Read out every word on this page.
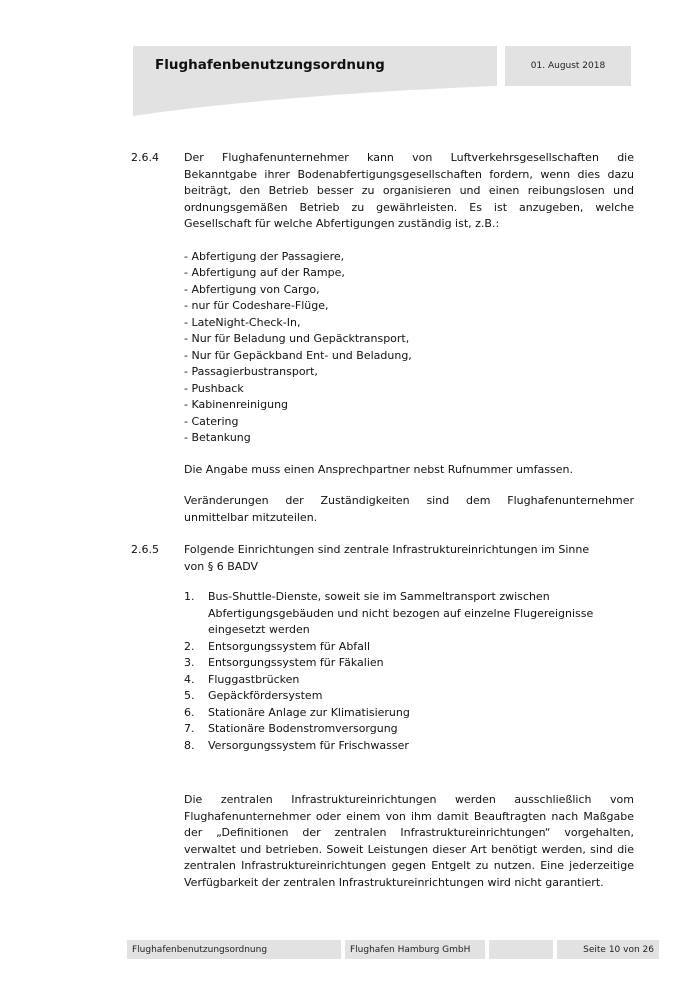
Flughafenbenutzungsordnung	01. August 2018
2.6.4	Der Flughafenunternehmer kann von Luftverkehrsgesellschaften die Bekanntgabe ihrer Bodenabfertigungsgesellschaften fordern, wenn dies dazu beiträgt, den Betrieb besser zu organisieren und einen reibungslosen und ordnungsgemäßen Betrieb zu gewährleisten. Es ist anzugeben, welche Gesellschaft für welche Abfertigungen zuständig ist, z.B.:

- Abfertigung der Passagiere,
- Abfertigung auf der Rampe,
- Abfertigung von Cargo,
- nur für Codeshare-Flüge,
- LateNight-Check-In,
- Nur für Beladung und Gepäcktransport,
- Nur für Gepäckband Ent- und Beladung,
- Passagierbustransport,
- Pushback
- Kabinenreinigung
- Catering
- Betankung

Die Angabe muss einen Ansprechpartner nebst Rufnummer umfassen.

Veränderungen der Zuständigkeiten sind dem Flughafenunternehmer unmittelbar mitzuteilen.

2.6.5	Folgende Einrichtungen sind zentrale Infrastruktureinrichtungen im Sinne

von § 6 BADV

1.	Bus-Shuttle-Dienste, soweit sie im Sammeltransport zwischen Abfertigungsgebäuden und nicht bezogen auf einzelne Flugereignisse eingesetzt werden
2.	Entsorgungssystem für Abfall
3.	Entsorgungssystem für Fäkalien
4.	Fluggastbrücken
5.	Gepäckfördersystem
6.	Stationäre Anlage zur Klimatisierung
7.	Stationäre Bodenstromversorgung
8.	Versorgungssystem für Frischwasser

Die zentralen Infrastruktureinrichtungen werden ausschließlich vom Flughafenunternehmer oder einem von ihm damit Beauftragten nach Maßgabe der „Definitionen der zentralen Infrastruktureinrichtungen“ vorgehalten, verwaltet und betrieben. Soweit Leistungen dieser Art benötigt werden, sind die zentralen Infrastruktureinrichtungen gegen Entgelt zu nutzen. Eine jederzeitige Verfügbarkeit der zentralen Infrastruktureinrichtungen wird nicht garantiert.

Flughafenbenutzungsordnung	Flughafen Hamburg GmbH	Seite 10 von 26
